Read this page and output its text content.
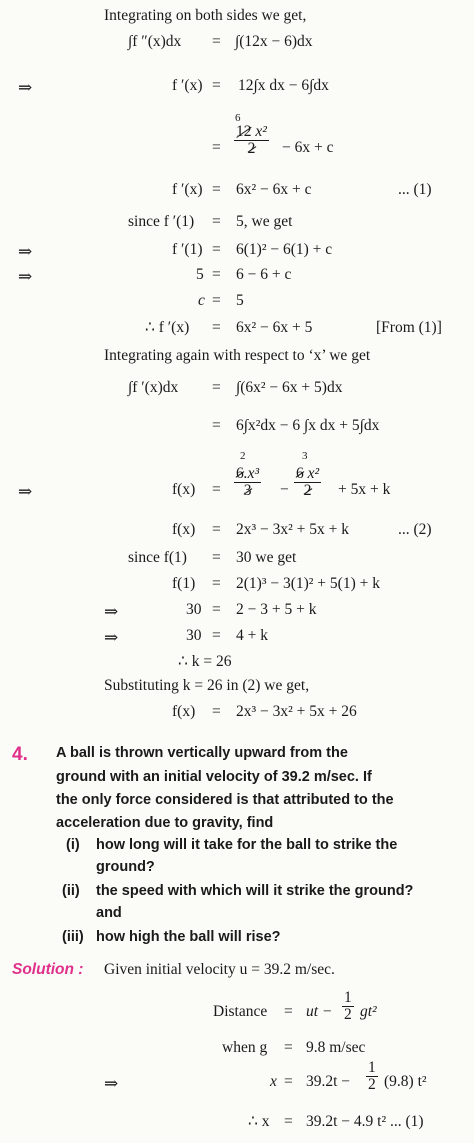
Integrating on both sides we get,
∫f ″(x)dx = ∫(12x − 6)dx
⇒	f ′(x) = 12∫x dx − 6∫dx
6
= $\frac{\text{12 x²}}{2} - 6x + c$
f ′(x) = 6x² − 6x + c	... (1)
since f ′(1) = 5, we get
⇒	f ′(1) = 6(1)² − 6(1) + c
⇒	5 = 6 − 6 + c
c = 5
∴ f ′(x) = 6x² − 6x + 5	[From (1)]
Integrating again with respect to ‘x’ we get
∫f ′(x)dx = ∫(6x² − 6x + 5)dx
= 6∫x²dx − 6 ∫x dx + 5∫dx
2	3
⇒	$f(x) = \frac{\text{6.x³}}{3} - \frac{\text{6 x²}}{2} + 5x + k$
f(x) = 2x³ − 3x² + 5x + k	... (2)
since f(1) = 30 we get
f(1) = 2(1)³ − 3(1)² + 5(1) + k
⇒	30 = 2 − 3 + 5 + k
⇒	30 = 4 + k
∴ k = 26
Substituting k = 26 in (2) we get,
f(x) = 2x³ − 3x² + 5x + 26
4. A ball is thrown vertically upward from the
ground with an initial velocity of 39.2 m/sec. If
the only force considered is that attributed to the
acceleration due to gravity, find
(i) how long will it take for the ball to strike the
ground?
(ii) the speed with which will it strike the ground?
and
(iii) how high the ball will rise?
Solution : Given initial velocity u = 39.2 m/sec.
Distance = ut − $\frac{1}{2} gt^2$
when g = 9.8 m/sec
⇒	$x = 39.2t - \frac{1}{2} (9.8)$ t²
∴ x = 39.2t − 4.9 t² ... (1)
